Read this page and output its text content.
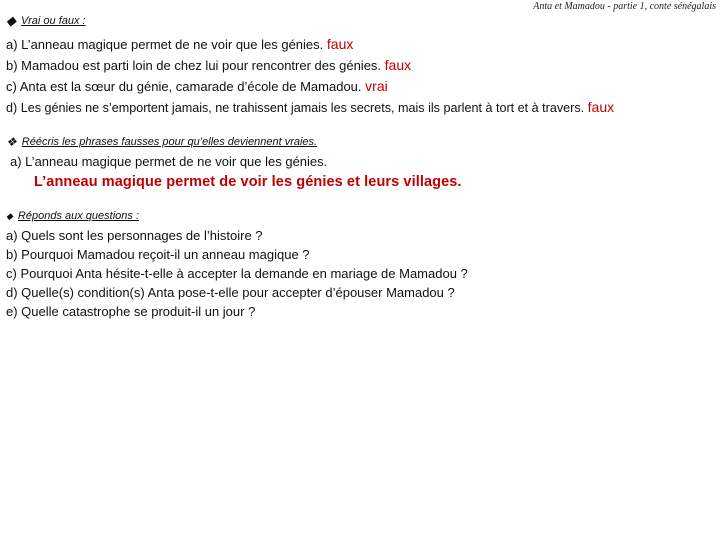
Anta et Mamadou - partie 1, conte sénégalais
◆ Vrai ou faux :
a) L’anneau magique permet de ne voir que les génies. faux
b) Mamadou est parti loin de chez lui pour rencontrer des génies. faux
c) Anta est la sœur du génie, camarade d’école de Mamadou. vrai
d) Les génies ne s’emportent jamais, ne trahissent jamais les secrets, mais ils parlent à tort et à travers. faux
❖ Réécris les phrases fausses pour qu’elles deviennent vraies.
a) L’anneau magique permet de ne voir que les génies.
L’anneau magique permet de voir les génies et leurs villages.
◆ Réponds aux questions :
a) Quels sont les personnages de l’histoire ?
b) Pourquoi Mamadou reçoit-il un anneau magique ?
c) Pourquoi Anta hésite-t-elle à accepter la demande en mariage de Mamadou ?
d) Quelle(s) condition(s) Anta pose-t-elle pour accepter d’épouser Mamadou ?
e) Quelle catastrophe se produit-il un jour ?
